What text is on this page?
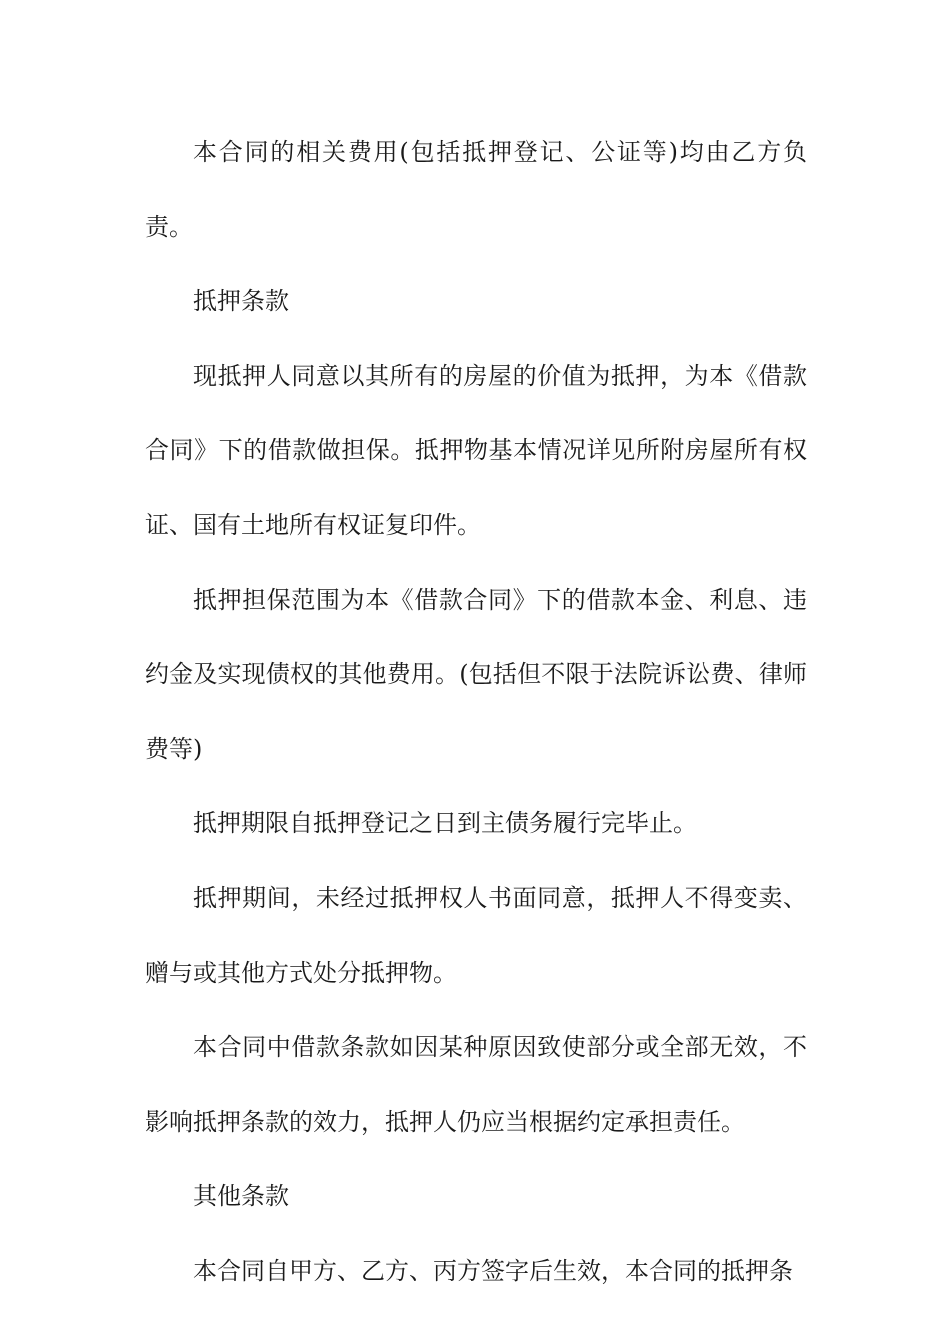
本合同的相关费用(包括抵押登记、公证等)均由乙方负责。

抵押条款

现抵押人同意以其所有的房屋的价值为抵押，为本《借款合同》下的借款做担保。抵押物基本情况详见所附房屋所有权证、国有土地所有权证复印件。

抵押担保范围为本《借款合同》下的借款本金、利息、违约金及实现债权的其他费用。(包括但不限于法院诉讼费、律师费等)

抵押期限自抵押登记之日到主债务履行完毕止。

抵押期间，未经过抵押权人书面同意，抵押人不得变卖、赠与或其他方式处分抵押物。

本合同中借款条款如因某种原因致使部分或全部无效，不影响抵押条款的效力，抵押人仍应当根据约定承担责任。

其他条款

本合同自甲方、乙方、丙方签字后生效，本合同的抵押条
